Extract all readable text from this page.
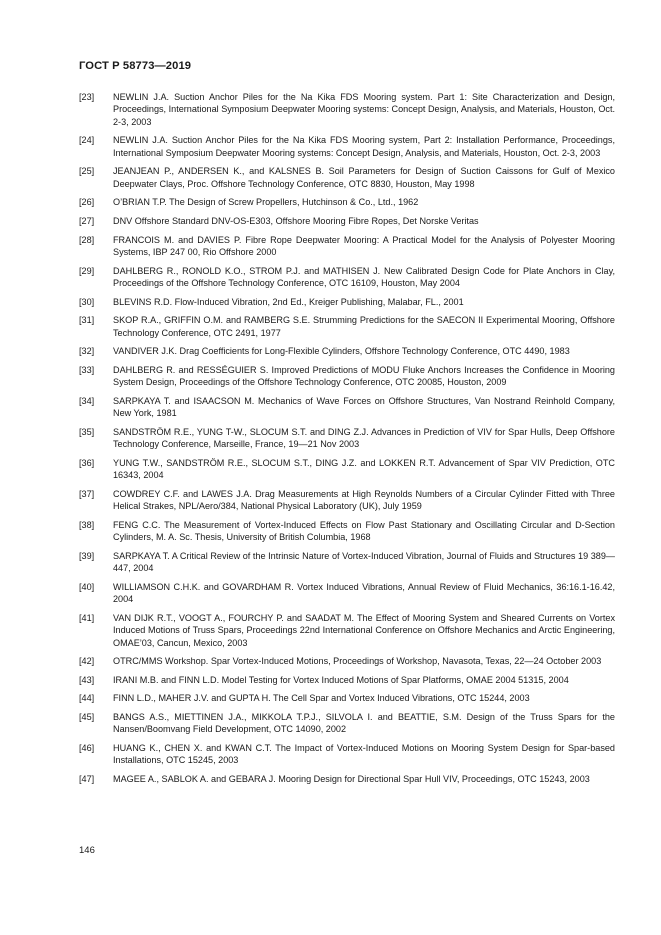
ГОСТ Р 58773—2019
[23] NEWLIN J.A. Suction Anchor Piles for the Na Kika FDS Mooring system. Part 1: Site Characterization and Design, Proceedings, International Symposium Deepwater Mooring systems: Concept Design, Analysis, and Materials, Houston, Oct. 2-3, 2003
[24] NEWLIN J.A. Suction Anchor Piles for the Na Kika FDS Mooring system, Part 2: Installation Performance, Proceedings, International Symposium Deepwater Mooring systems: Concept Design, Analysis, and Materials, Houston, Oct. 2-3, 2003
[25] JEANJEAN P., ANDERSEN K., and KALSNES B. Soil Parameters for Design of Suction Caissons for Gulf of Mexico Deepwater Clays, Proc. Offshore Technology Conference, OTC 8830, Houston, May 1998
[26] O’BRIAN T.P. The Design of Screw Propellers, Hutchinson & Co., Ltd., 1962
[27] DNV Offshore Standard DNV-OS-E303, Offshore Mooring Fibre Ropes, Det Norske Veritas
[28] FRANCOIS M. and DAVIES P. Fibre Rope Deepwater Mooring: A Practical Model for the Analysis of Polyester Mooring Systems, IBP 247 00, Rio Offshore 2000
[29] DAHLBERG R., RONOLD K.O., STROM P.J. and MATHISEN J. New Calibrated Design Code for Plate Anchors in Clay, Proceedings of the Offshore Technology Conference, OTC 16109, Houston, May 2004
[30] BLEVINS R.D. Flow-Induced Vibration, 2nd Ed., Kreiger Publishing, Malabar, FL., 2001
[31] SKOP R.A., GRIFFIN O.M. and RAMBERG S.E. Strumming Predictions for the SAECON II Experimental Mooring, Offshore Technology Conference, OTC 2491, 1977
[32] VANDIVER J.K. Drag Coefficients for Long-Flexible Cylinders, Offshore Technology Conference, OTC 4490, 1983
[33] DAHLBERG R. and RESSÉGUIER S. Improved Predictions of MODU Fluke Anchors Increases the Confidence in Mooring System Design, Proceedings of the Offshore Technology Conference, OTC 20085, Houston, 2009
[34] SARPKAYA T. and ISAACSON M. Mechanics of Wave Forces on Offshore Structures, Van Nostrand Reinhold Company, New York, 1981
[35] SANDSTRÖM R.E., YUNG T-W., SLOCUM S.T. and DING Z.J. Advances in Prediction of VIV for Spar Hulls, Deep Offshore Technology Conference, Marseille, France, 19—21 Nov 2003
[36] YUNG T.W., SANDSTRÖM R.E., SLOCUM S.T., DING J.Z. and LOKKEN R.T. Advancement of Spar VIV Prediction, OTC 16343, 2004
[37] COWDREY C.F. and LAWES J.A. Drag Measurements at High Reynolds Numbers of a Circular Cylinder Fitted with Three Helical Strakes, NPL/Aero/384, National Physical Laboratory (UK), July 1959
[38] FENG C.C. The Measurement of Vortex-Induced Effects on Flow Past Stationary and Oscillating Circular and D-Section Cylinders, M. A. Sc. Thesis, University of British Columbia, 1968
[39] SARPKAYA T. A Critical Review of the Intrinsic Nature of Vortex-Induced Vibration, Journal of Fluids and Structures 19 389—447, 2004
[40] WILLIAMSON C.H.K. and GOVARDHAM R. Vortex Induced Vibrations, Annual Review of Fluid Mechanics, 36:16.1-16.42, 2004
[41] VAN DIJK R.T., VOOGT A., FOURCHY P. and SAADAT M. The Effect of Mooring System and Sheared Currents on Vortex Induced Motions of Truss Spars, Proceedings 22nd International Conference on Offshore Mechanics and Arctic Engineering, OMAE’03, Cancun, Mexico, 2003
[42] OTRC/MMS Workshop. Spar Vortex-Induced Motions, Proceedings of Workshop, Navasota, Texas, 22—24 October 2003
[43] IRANI M.B. and FINN L.D. Model Testing for Vortex Induced Motions of Spar Platforms, OMAE 2004 51315, 2004
[44] FINN L.D., MAHER J.V. and GUPTA H. The Cell Spar and Vortex Induced Vibrations, OTC 15244, 2003
[45] BANGS A.S., MIETTINEN J.A., MIKKOLA T.P.J., SILVOLA I. and BEATTIE, S.M. Design of the Truss Spars for the Nansen/Boomvang Field Development, OTC 14090, 2002
[46] HUANG K., CHEN X. and KWAN C.T. The Impact of Vortex-Induced Motions on Mooring System Design for Spar-based Installations, OTC 15245, 2003
[47] MAGEE A., SABLOK A. and GEBARA J. Mooring Design for Directional Spar Hull VIV, Proceedings, OTC 15243, 2003
146
